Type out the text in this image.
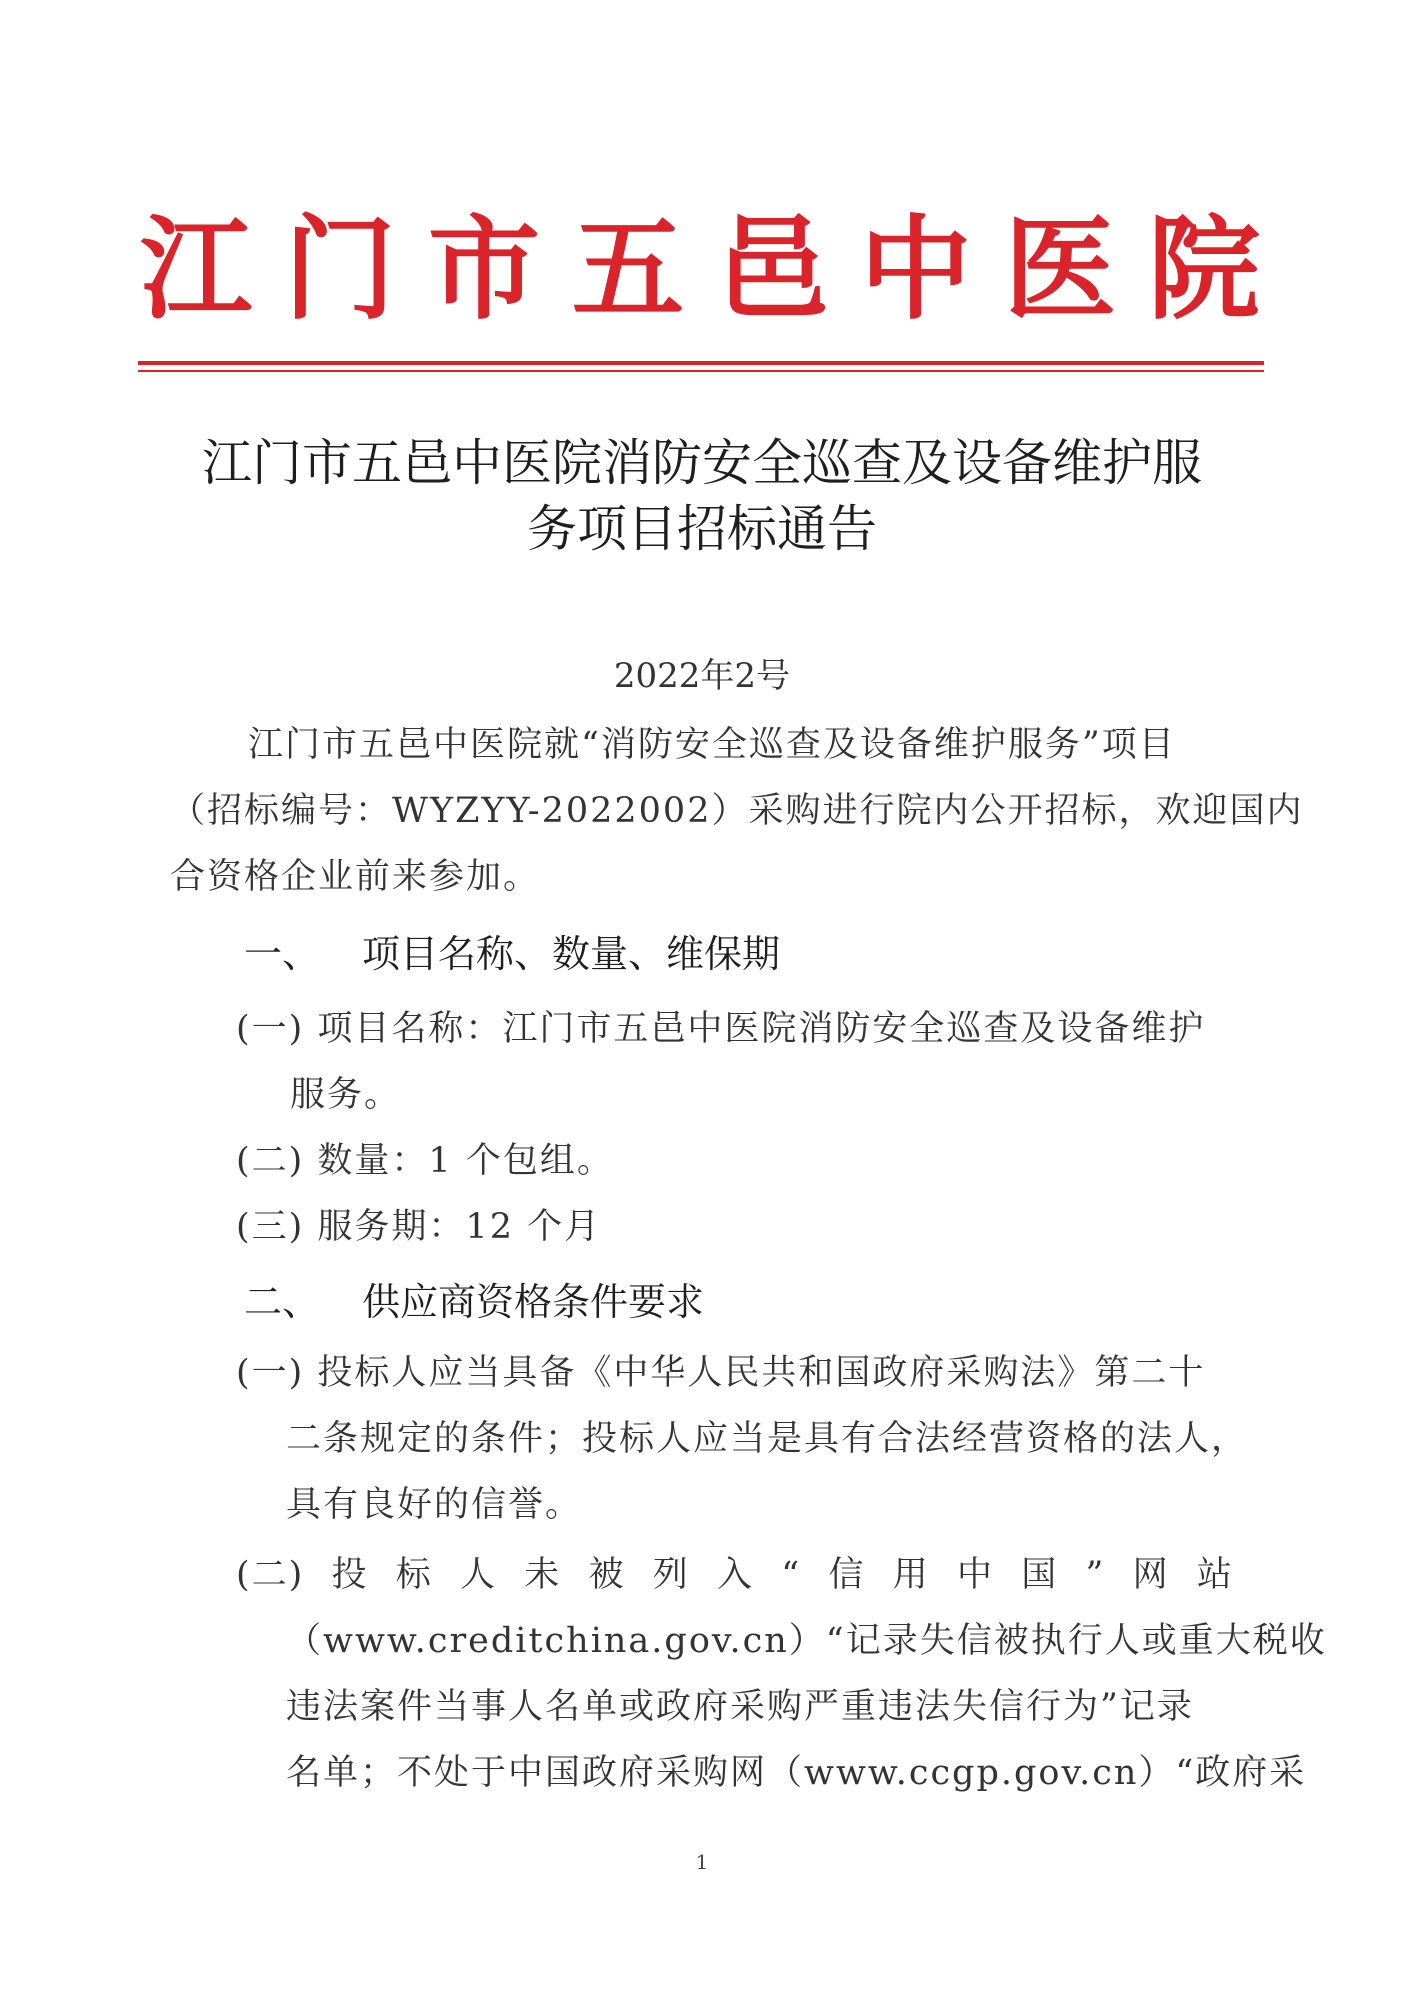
江 门 市 五 邑 中 医 院
江门市五邑中医院消防安全巡查及设备维护服
务项目招标通告
2022年2号
江门市五邑中医院就“消防安全巡查及设备维护服务”项目
（招标编号：WYZYY-2022002）采购进行院内公开招标，欢迎国内
合资格企业前来参加。
一、 项目名称、数量、维保期
(一) 项目名称：江门市五邑中医院消防安全巡查及设备维护
服务。
(二) 数量：1 个包组。
(三) 服务期：12 个月
二、 供应商资格条件要求
(一) 投标人应当具备《中华人民共和国政府采购法》第二十
二条规定的条件；投标人应当是具有合法经营资格的法人，
具有良好的信誉。
(二) 投 标 人 未 被 列 入 “ 信 用 中 国 ” 网 站
（www.creditchina.gov.cn）“记录失信被执行人或重大税收
违法案件当事人名单或政府采购严重违法失信行为”记录
名单；不处于中国政府采购网（www.ccgp.gov.cn）“政府采
1
